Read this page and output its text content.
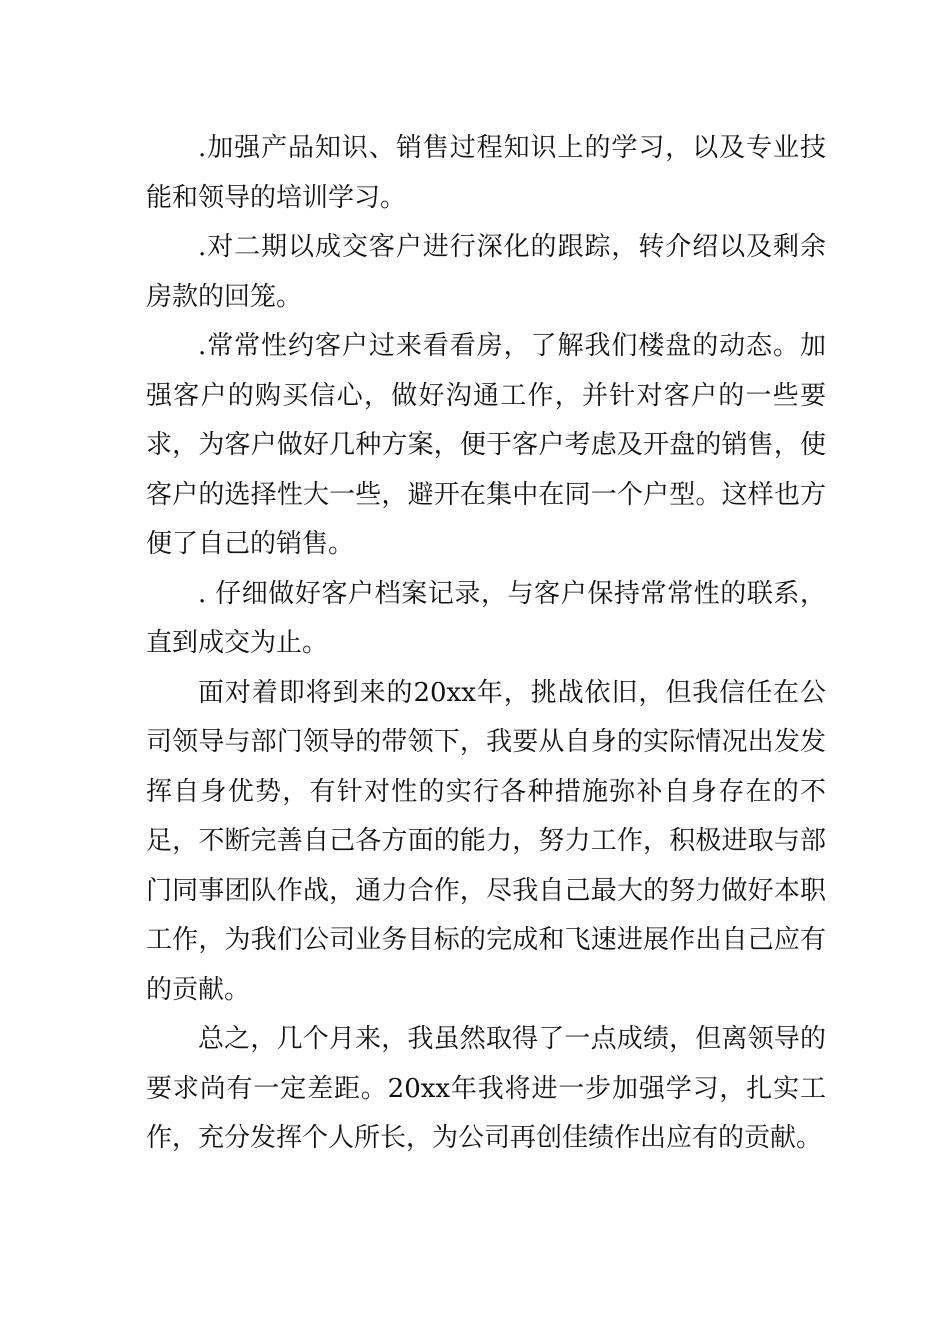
.加强产品知识、销售过程知识上的学习，以及专业技能和领导的培训学习。

.对二期以成交客户进行深化的跟踪，转介绍以及剩余房款的回笼。

.常常性约客户过来看看房，了解我们楼盘的动态。加强客户的购买信心，做好沟通工作，并针对客户的一些要求，为客户做好几种方案，便于客户考虑及开盘的销售，使客户的选择性大一些，避开在集中在同一个户型。这样也方便了自己的销售。

. 仔细做好客户档案记录，与客户保持常常性的联系，直到成交为止。

面对着即将到来的20xx年，挑战依旧，但我信任在公司领导与部门领导的带领下，我要从自身的实际情况出发发挥自身优势，有针对性的实行各种措施弥补自身存在的不足，不断完善自己各方面的能力，努力工作，积极进取与部门同事团队作战，通力合作，尽我自己最大的努力做好本职工作，为我们公司业务目标的完成和飞速进展作出自己应有的贡献。

总之，几个月来，我虽然取得了一点成绩，但离领导的要求尚有一定差距。20xx年我将进一步加强学习，扎实工作，充分发挥个人所长，为公司再创佳绩作出应有的贡献。
